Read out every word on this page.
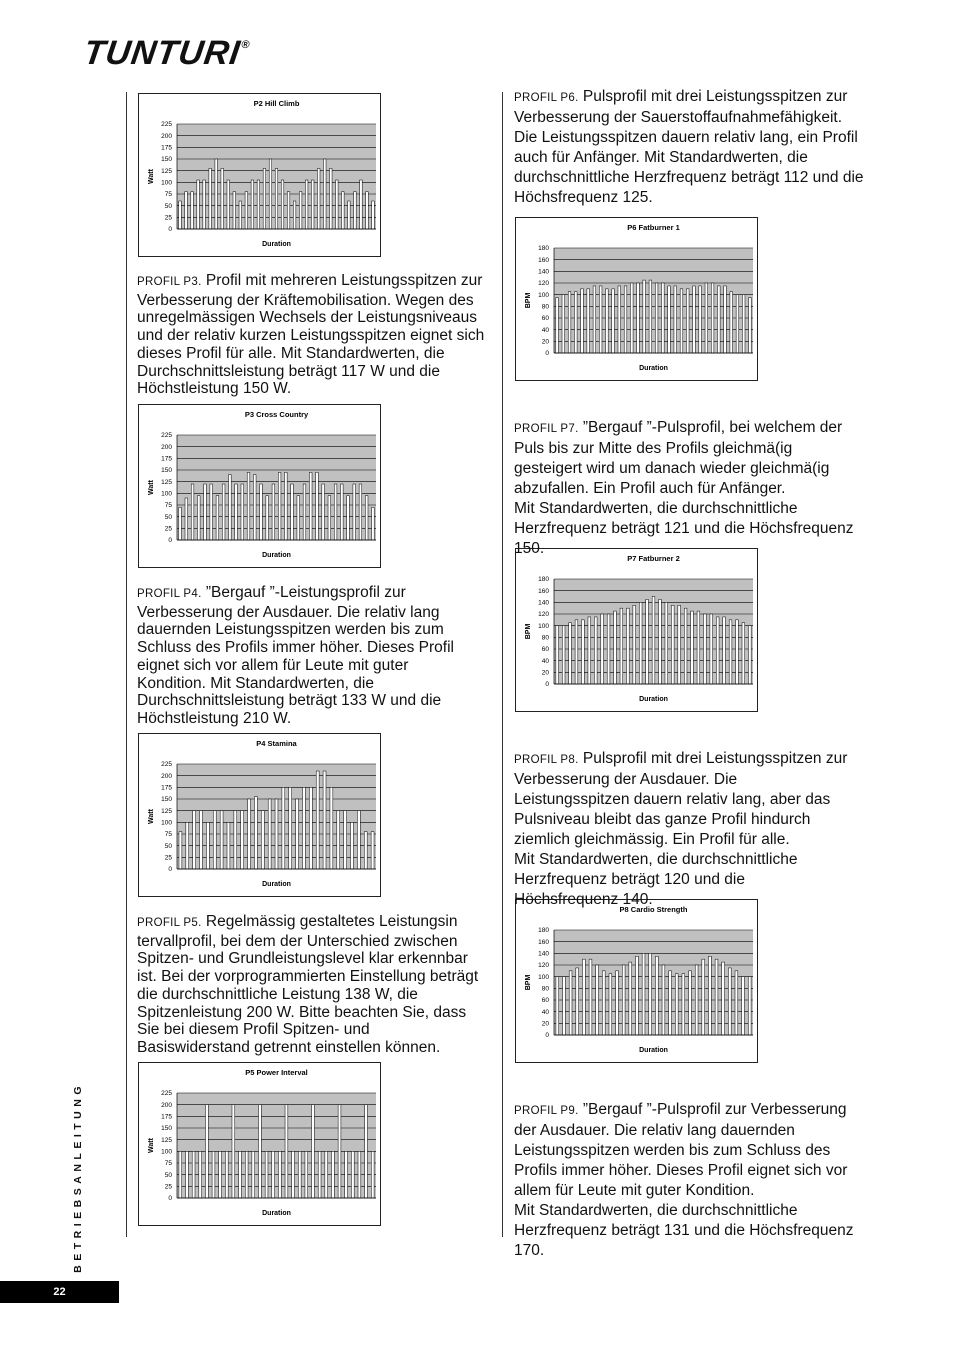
TUNTURI®
P2 Hill Climb
0
25
50
75
100
125
150
175
200
225
Duration
Watt
P3 Cross Country
0
25
50
75
100
125
150
175
200
225
Duration
Watt
P4 Stamina
0
25
50
75
100
125
150
175
200
225
Duration
Watt
P5 Power Interval
0
25
50
75
100
125
150
175
200
225
Duration
Watt
P6 Fatburner 1
0
20
40
60
80
100
120
140
160
180
Duration
BPM
P7 Fatburner 2
0
20
40
60
80
100
120
140
160
180
Duration
BPM
P8 Cardio Strength
0
20
40
60
80
100
120
140
160
180
Duration
BPM
PROFIL P3. Profil mit mehreren Leistungsspitzen zur Verbesserung der Kräftemobilisation. Wegen des unregelmässigen Wechsels der Leistungsniveaus und der relativ kurzen Leistungsspitzen eignet sich dieses Profil für alle. Mit Standardwerten, die Durchschnittsleistung beträgt 117 W und die Höchstleistung 150 W.
PROFIL P4. ”Bergauf ”-Leistungsprofil zur Verbesserung der Ausdauer. Die relativ lang dauernden Leistungsspitzen werden bis zum Schluss des Profils immer höher. Dieses Profil eignet sich vor allem für Leute mit guter Kondition. Mit Standardwerten, die Durchschnittsleistung beträgt 133 W und die Höchstleistung 210 W.
PROFIL P5. Regelmässig gestaltetes Leistungsin tervallprofil, bei dem der Unterschied zwischen Spitzen- und Grundleistungslevel klar erkennbar ist. Bei der vorprogrammierten Einstellung beträgt die durchschnittliche Leistung 138 W, die Spitzenleistung 200 W. Bitte beachten Sie, dass Sie bei diesem Profil Spitzen- und Basiswiderstand getrennt einstellen können.
PROFIL P6. Pulsprofil mit drei Leistungsspitzen zur Verbesserung der Sauerstoffaufnahmefähigkeit. Die Leistungsspitzen dauern relativ lang, ein Profil auch für Anfänger. Mit Standardwerten, die durchschnittliche Herzfrequenz beträgt 112 und die Höchsfrequenz 125.

PROFIL P7. ”Bergauf ”-Pulsprofil, bei welchem der Puls bis zur Mitte des Profils gleichmä(ig gesteigert wird um danach wieder gleichmä(ig abzufallen. Ein Profil auch für Anfänger.
Mit Standardwerten, die durchschnittliche Herzfrequenz beträgt 121 und die Höchsfrequenz 150.

PROFIL P8. Pulsprofil mit drei Leistungsspitzen zur Verbesserung der Ausdauer. Die Leistungsspitzen dauern relativ lang, aber das Pulsniveau bleibt das ganze Profil hindurch ziemlich gleichmässig. Ein Profil für alle.
Mit Standardwerten, die durchschnittliche Herzfrequenz beträgt 120 und die Höchsfrequenz 140.

PROFIL P9. ”Bergauf ”-Pulsprofil zur Verbesserung der Ausdauer. Die relativ lang dauernden Leistungsspitzen werden bis zum Schluss des Profils immer höher. Dieses Profil eignet sich vor allem für Leute mit guter Kondition.
Mit Standardwerten, die durchschnittliche Herzfrequenz beträgt 131 und die Höchsfrequenz 170.

BETRIEBSANLEITUNG
22
